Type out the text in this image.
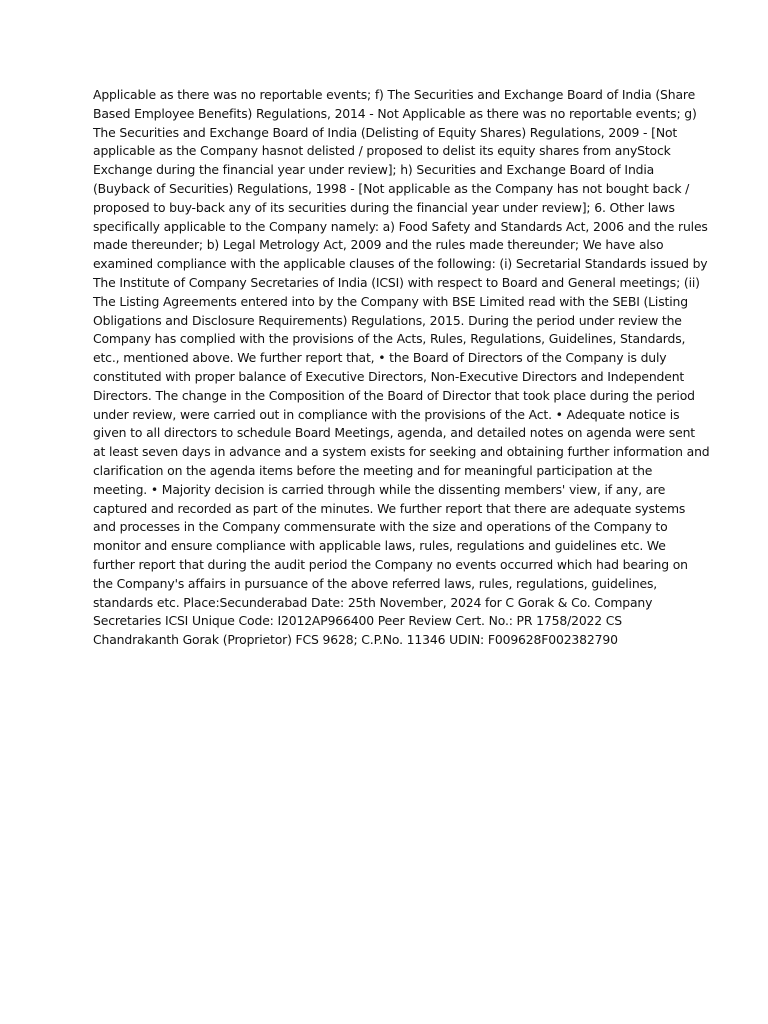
Applicable as there was no reportable events; f) The Securities and Exchange Board of India (Share
Based Employee Benefits) Regulations, 2014 - Not Applicable as there was no reportable events; g)
The Securities and Exchange Board of India (Delisting of Equity Shares) Regulations, 2009 - [Not
applicable as the Company hasnot delisted / proposed to delist its equity shares from anyStock
Exchange during the financial year under review]; h) Securities and Exchange Board of India
(Buyback of Securities) Regulations, 1998 - [Not applicable as the Company has not bought back /
proposed to buy-back any of its securities during the financial year under review]; 6. Other laws
specifically applicable to the Company namely: a) Food Safety and Standards Act, 2006 and the rules
made thereunder; b) Legal Metrology Act, 2009 and the rules made thereunder; We have also
examined compliance with the applicable clauses of the following: (i) Secretarial Standards issued by
The Institute of Company Secretaries of India (ICSI) with respect to Board and General meetings; (ii)
The Listing Agreements entered into by the Company with BSE Limited read with the SEBI (Listing
Obligations and Disclosure Requirements) Regulations, 2015. During the period under review the
Company has complied with the provisions of the Acts, Rules, Regulations, Guidelines, Standards,
etc., mentioned above. We further report that, • the Board of Directors of the Company is duly
constituted with proper balance of Executive Directors, Non-Executive Directors and Independent
Directors. The change in the Composition of the Board of Director that took place during the period
under review, were carried out in compliance with the provisions of the Act. • Adequate notice is
given to all directors to schedule Board Meetings, agenda, and detailed notes on agenda were sent
at least seven days in advance and a system exists for seeking and obtaining further information and
clarification on the agenda items before the meeting and for meaningful participation at the
meeting. • Majority decision is carried through while the dissenting members' view, if any, are
captured and recorded as part of the minutes. We further report that there are adequate systems
and processes in the Company commensurate with the size and operations of the Company to
monitor and ensure compliance with applicable laws, rules, regulations and guidelines etc. We
further report that during the audit period the Company no events occurred which had bearing on
the Company's affairs in pursuance of the above referred laws, rules, regulations, guidelines,
standards etc. Place:Secunderabad Date: 25th November, 2024 for C Gorak & Co. Company
Secretaries ICSI Unique Code: I2012AP966400 Peer Review Cert. No.: PR 1758/2022 CS
Chandrakanth Gorak (Proprietor) FCS 9628; C.P.No. 11346 UDIN: F009628F002382790
